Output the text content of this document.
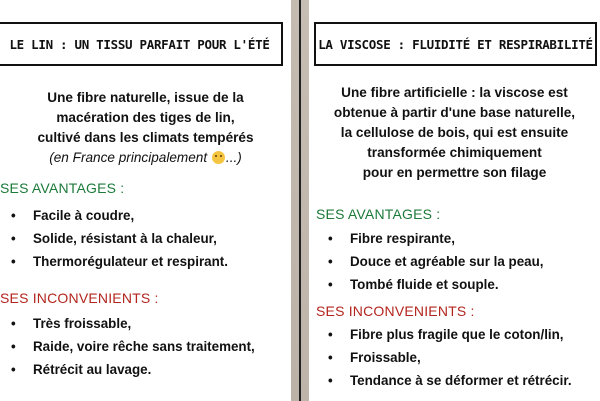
LE LIN : UN TISSU PARFAIT POUR L'ÉTÉ
Une fibre naturelle, issue de la
macération des tiges de lin,
cultivé dans les climats tempérés
(en France principalement ...)
SES AVANTAGES :
• Facile à coudre,
• Solide, résistant à la chaleur,
• Thermorégulateur et respirant.
SES INCONVENIENTS :
• Très froissable,
• Raide, voire rêche sans traitement,
• Rétrécit au lavage.
LA VISCOSE : FLUIDITÉ ET RESPIRABILITÉ
Une fibre artificielle : la viscose est
obtenue à partir d'une base naturelle,
la cellulose de bois, qui est ensuite
transformée chimiquement
pour en permettre son filage
SES AVANTAGES :
• Fibre respirante,
• Douce et agréable sur la peau,
• Tombé fluide et souple.
SES INCONVENIENTS :
• Fibre plus fragile que le coton/lin,
• Froissable,
• Tendance à se déformer et rétrécir.
